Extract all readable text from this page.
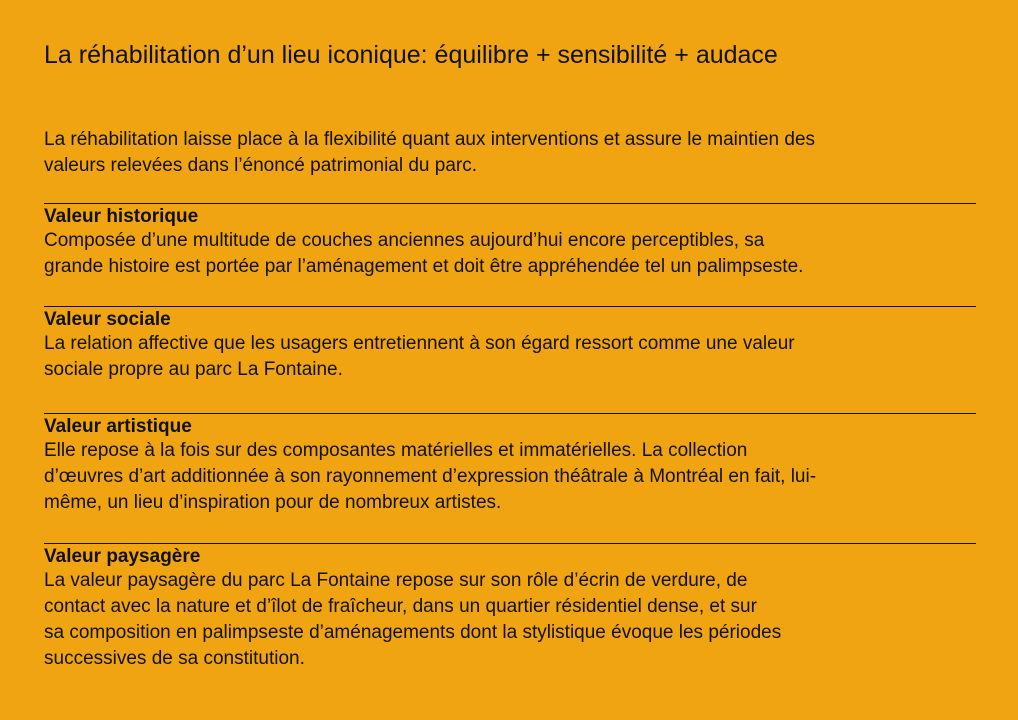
La réhabilitation d’un lieu iconique: équilibre + sensibilité + audace
La réhabilitation laisse place à la flexibilité quant aux interventions et assure le maintien des
valeurs relevées dans l’énoncé patrimonial du parc.
Valeur historique
Composée d’une multitude de couches anciennes aujourd’hui encore perceptibles, sa
grande histoire est portée par l’aménagement et doit être appréhendée tel un palimpseste.
Valeur sociale
La relation affective que les usagers entretiennent à son égard ressort comme une valeur
sociale propre au parc La Fontaine.
Valeur artistique
Elle repose à la fois sur des composantes matérielles et immatérielles. La collection
d’œuvres d’art additionnée à son rayonnement d’expression théâtrale à Montréal en fait, lui-
même, un lieu d’inspiration pour de nombreux artistes.
Valeur paysagère
La valeur paysagère du parc La Fontaine repose sur son rôle d’écrin de verdure, de
contact avec la nature et d’îlot de fraîcheur, dans un quartier résidentiel dense, et sur
sa composition en palimpseste d’aménagements dont la stylistique évoque les périodes
successives de sa constitution.
